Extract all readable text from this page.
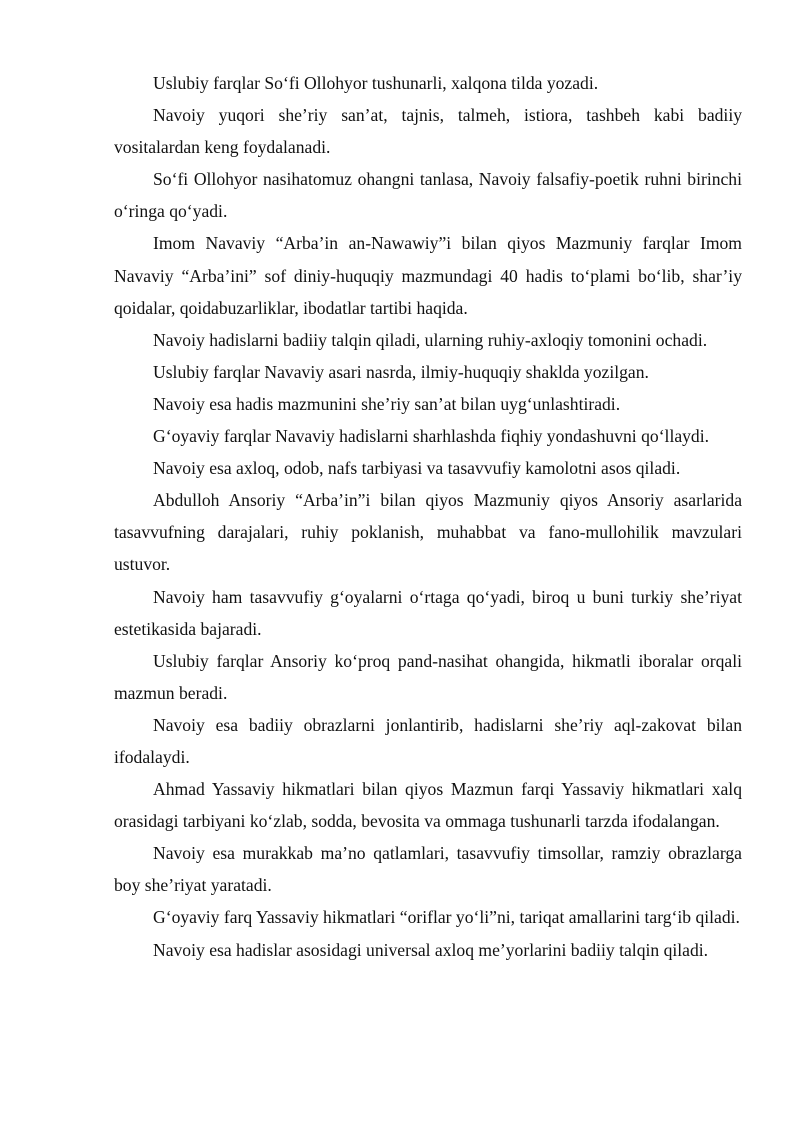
Uslubiy farqlar So‘fi Ollohyor tushunarli, xalqona tilda yozadi.

Navoiy yuqori she’riy san’at, tajnis, talmeh, istiora, tashbeh kabi badiiy vositalardan keng foydalanadi.

So‘fi Ollohyor nasihatomuz ohangni tanlasa, Navoiy falsafiy-poetik ruhni birinchi o‘ringa qo‘yadi.

Imom Navaviy “Arba’in an-Nawawiy”i bilan qiyos Mazmuniy farqlar Imom Navaviy “Arba’ini” sof diniy-huquqiy mazmundagi 40 hadis to‘plami bo‘lib, shar’iy qoidalar, qoidabuzarliklar, ibodatlar tartibi haqida.

Navoiy hadislarni badiiy talqin qiladi, ularning ruhiy-axloqiy tomonini ochadi.

Uslubiy farqlar Navaviy asari nasrda, ilmiy-huquqiy shaklda yozilgan.

Navoiy esa hadis mazmunini she’riy san’at bilan uyg‘unlashtiradi.

G‘oyaviy farqlar Navaviy hadislarni sharhlashda fiqhiy yondashuvni qo‘llaydi.

Navoiy esa axloq, odob, nafs tarbiyasi va tasavvufiy kamolotni asos qiladi.

Abdulloh Ansoriy “Arba’in”i bilan qiyos Mazmuniy qiyos Ansoriy asarlarida tasavvufning darajalari, ruhiy poklanish, muhabbat va fano-mullohilik mavzulari ustuvor.

Navoiy ham tasavvufiy g‘oyalarni o‘rtaga qo‘yadi, biroq u buni turkiy she’riyat estetikasida bajaradi.

Uslubiy farqlar Ansoriy ko‘proq pand-nasihat ohangida, hikmatli iboralar orqali mazmun beradi.

Navoiy esa badiiy obrazlarni jonlantirib, hadislarni she’riy aql-zakovat bilan ifodalaydi.

Ahmad Yassaviy hikmatlari bilan qiyos Mazmun farqi Yassaviy hikmatlari xalq orasidagi tarbiyani ko‘zlab, sodda, bevosita va ommaga tushunarli tarzda ifodalangan.

Navoiy esa murakkab ma’no qatlamlari, tasavvufiy timsollar, ramziy obrazlarga boy she’riyat yaratadi.

G‘oyaviy farq Yassaviy hikmatlari “oriflar yo‘li”ni, tariqat amallarini targ‘ib qiladi.

Navoiy esa hadislar asosidagi universal axloq me’yorlarini badiiy talqin qiladi.
